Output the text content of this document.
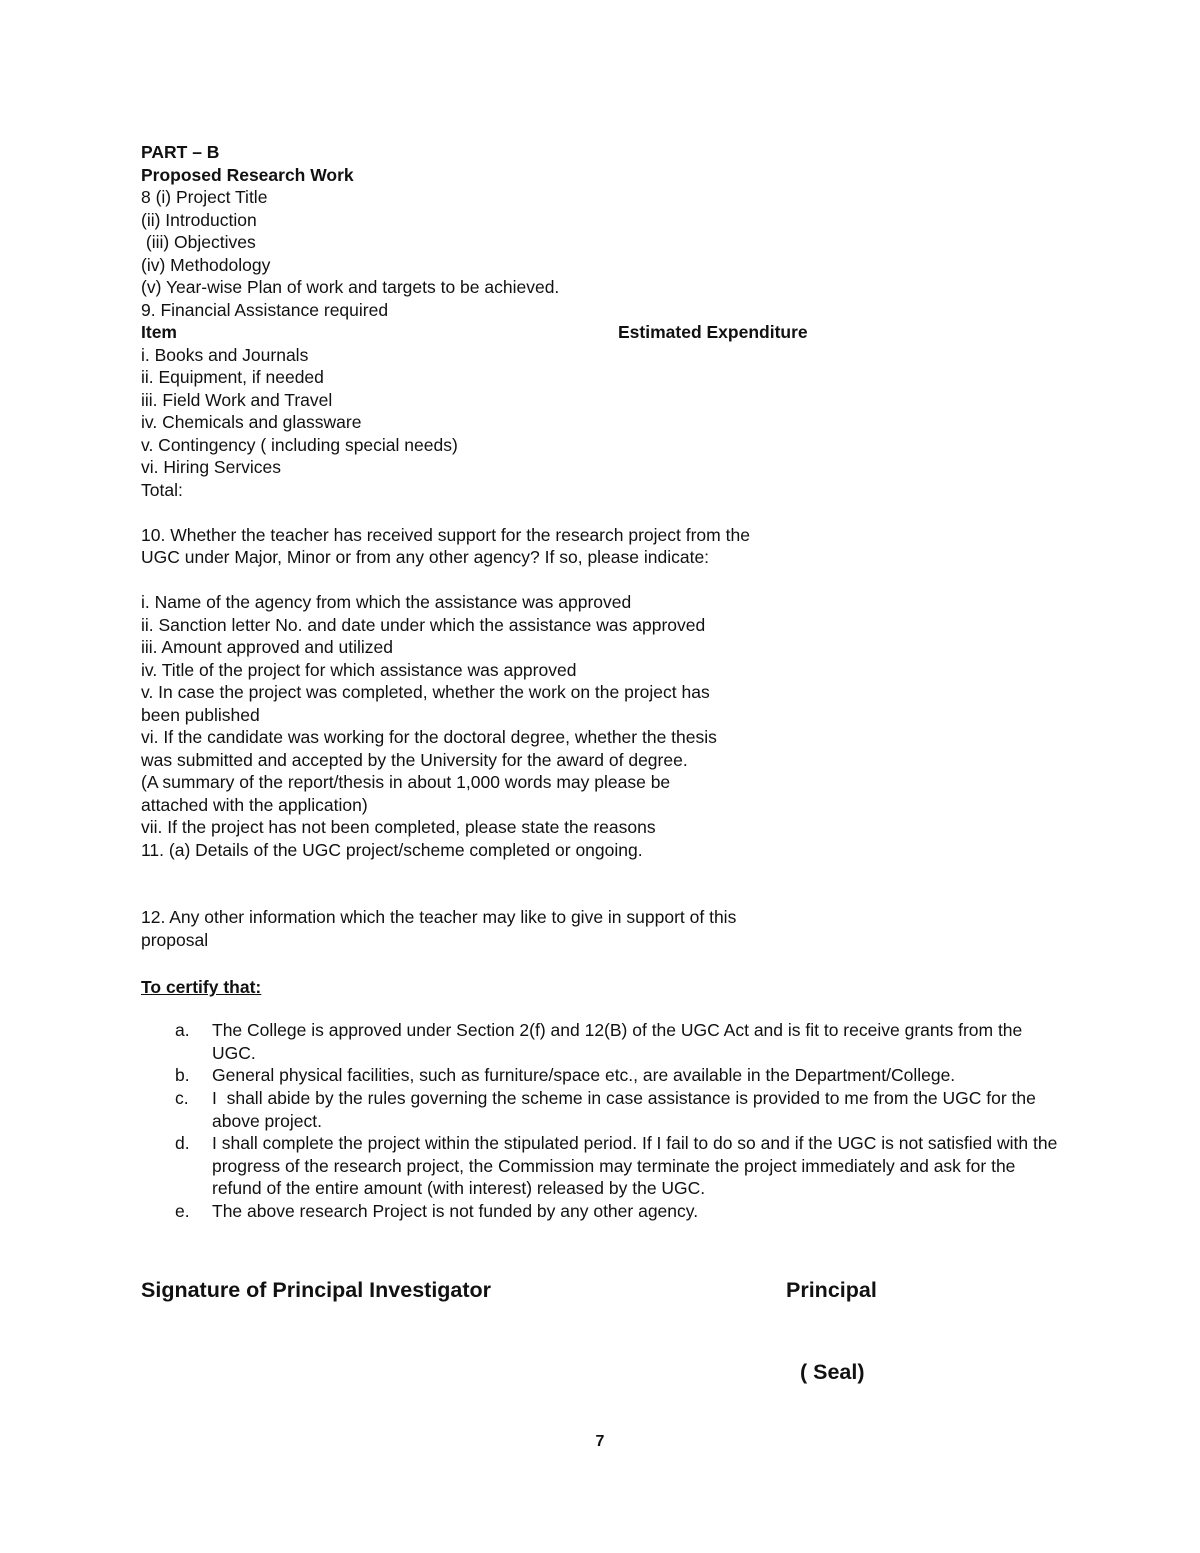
PART – B
Proposed Research Work
8 (i) Project Title
(ii) Introduction
(iii) Objectives
(iv) Methodology
(v) Year-wise Plan of work and targets to be achieved.
9. Financial Assistance required
Item	Estimated Expenditure
i. Books and Journals
ii. Equipment, if needed
iii. Field Work and Travel
iv. Chemicals and glassware
v. Contingency ( including special needs)
vi. Hiring Services
Total:
10. Whether the teacher has received support for the research project from the
UGC under Major, Minor or from any other agency? If so, please indicate:
i. Name of the agency from which the assistance was approved
ii. Sanction letter No. and date under which the assistance was approved
iii. Amount approved and utilized
iv. Title of the project for which assistance was approved
v. In case the project was completed, whether the work on the project has
been published
vi. If the candidate was working for the doctoral degree, whether the thesis
was submitted and accepted by the University for the award of degree.
(A summary of the report/thesis in about 1,000 words may please be
attached with the application)
vii. If the project has not been completed, please state the reasons
11. (a) Details of the UGC project/scheme completed or ongoing.
12. Any other information which the teacher may like to give in support of this
proposal
To certify that:
a.	The College is approved under Section 2(f) and 12(B) of the UGC Act and is fit to receive grants from the UGC.
b.	General physical facilities, such as furniture/space etc., are available in the Department/College.
c.	I  shall abide by the rules governing the scheme in case assistance is provided to me from the UGC for the above project.
d.	I shall complete the project within the stipulated period. If I fail to do so and if the UGC is not satisfied with the progress of the research project, the Commission may terminate the project immediately and ask for the refund of the entire amount (with interest) released by the UGC.
e.	The above research Project is not funded by any other agency.
Signature of Principal Investigator	Principal
( Seal)
7
